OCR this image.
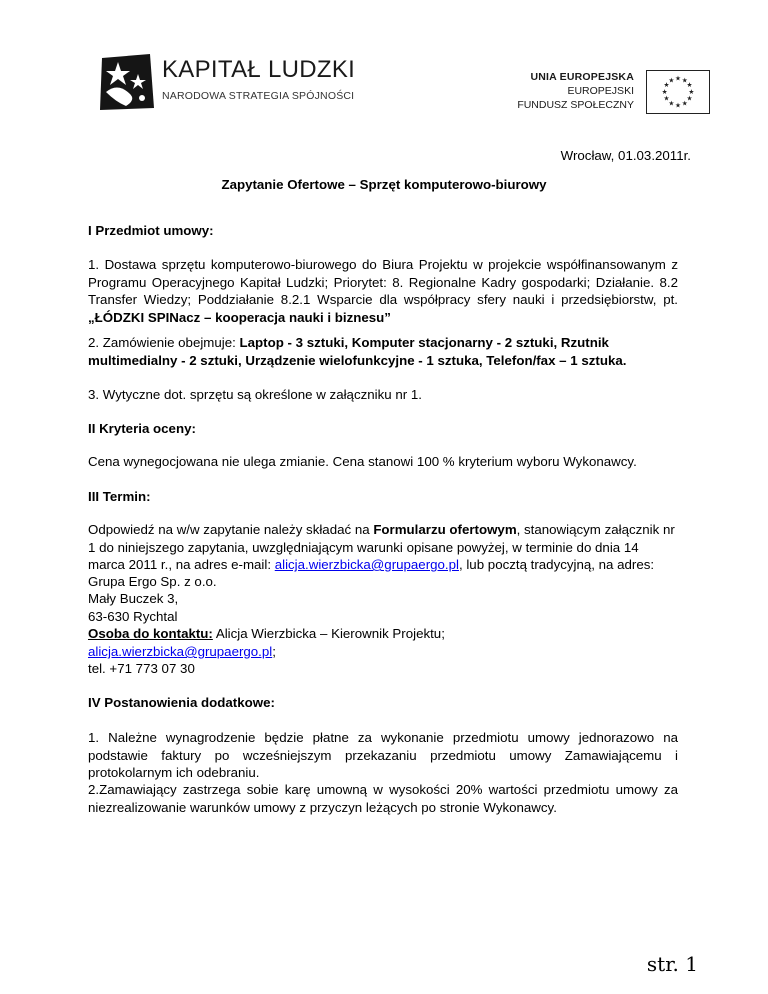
KAPITAŁ LUDZKI
NARODOWA STRATEGIA SPÓJNOŚCI
UNIA EUROPEJSKA
EUROPEJSKI
FUNDUSZ SPOŁECZNY
★ ★
★
★
★
★
★
★
★
★
★
★
Wrocław, 01.03.2011r.
Zapytanie Ofertowe – Sprzęt komputerowo-biurowy
I Przedmiot umowy:
1. Dostawa sprzętu komputerowo-biurowego do Biura Projektu w projekcie współfinansowanym z Programu Operacyjnego Kapitał Ludzki; Priorytet: 8. Regionalne Kadry gospodarki; Działanie. 8.2 Transfer Wiedzy; Poddziałanie 8.2.1 Wsparcie dla współpracy sfery nauki i przedsiębiorstw, pt. „ŁÓDZKI SPINacz – kooperacja nauki i biznesu”
2. Zamówienie obejmuje: Laptop - 3 sztuki, Komputer stacjonarny - 2 sztuki, Rzutnik multimedialny - 2 sztuki, Urządzenie wielofunkcyjne - 1 sztuka, Telefon/fax – 1 sztuka.
3. Wytyczne dot. sprzętu są określone w załączniku nr 1.
II Kryteria oceny:
Cena wynegocjowana nie ulega zmianie. Cena stanowi 100 % kryterium wyboru Wykonawcy.
III Termin:
Odpowiedź na w/w zapytanie należy składać na Formularzu ofertowym, stanowiącym załącznik nr 1 do niniejszego zapytania, uwzględniającym warunki opisane powyżej, w terminie do dnia 14 marca 2011 r., na adres e-mail: alicja.wierzbicka@grupaergo.pl, lub pocztą tradycyjną, na adres:
Grupa Ergo Sp. z o.o.
Mały Buczek 3,
63-630 Rychtal
Osoba do kontaktu: Alicja Wierzbicka – Kierownik Projektu;
alicja.wierzbicka@grupaergo.pl;
tel. +71 773 07 30
IV Postanowienia dodatkowe:
1. Należne wynagrodzenie będzie płatne za wykonanie przedmiotu umowy jednorazowo na podstawie faktury po wcześniejszym przekazaniu przedmiotu umowy Zamawiającemu i protokolarnym ich odebraniu.
2.Zamawiający zastrzega sobie karę umowną w wysokości 20% wartości przedmiotu umowy za niezrealizowanie warunków umowy z przyczyn leżących po stronie Wykonawcy.
str. 1
